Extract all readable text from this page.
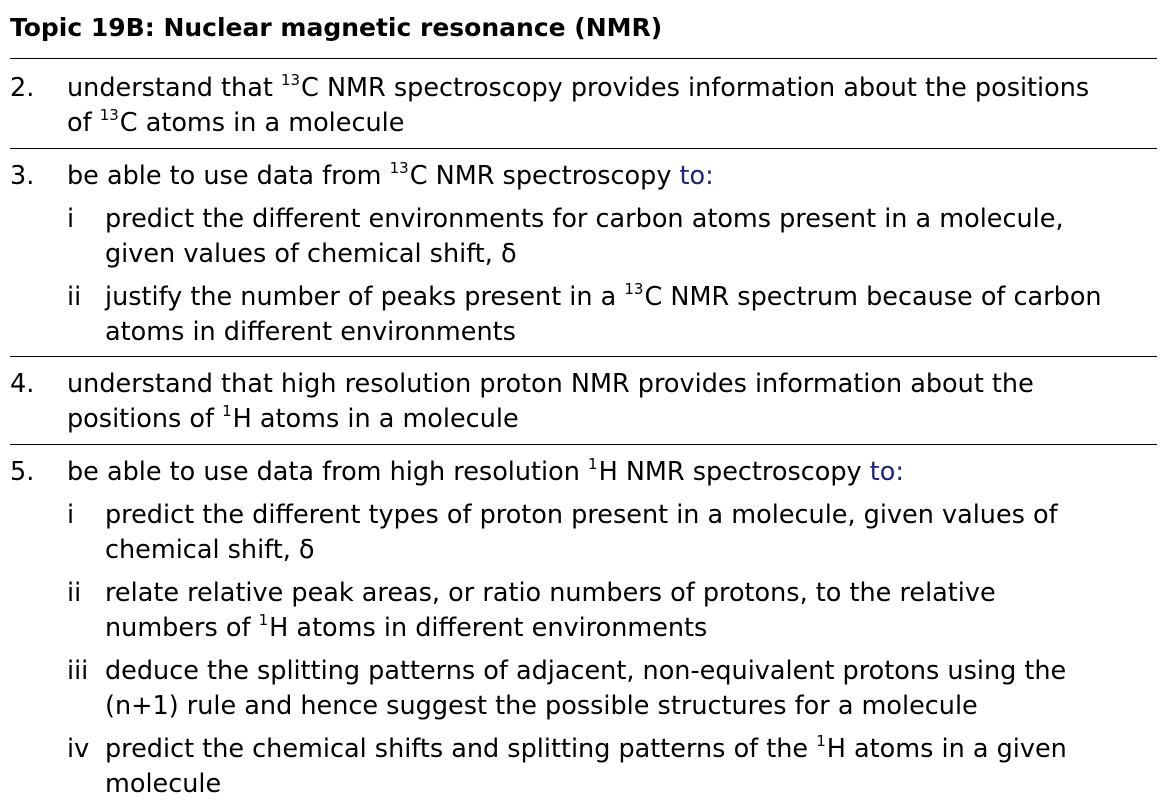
Topic 19B: Nuclear magnetic resonance (NMR)
2.	understand that $^{13}$C NMR spectroscopy provides information about the positions
of $^{13}$C atoms in a molecule
3.	be able to use data from $^{13}$C NMR spectroscopy to:
i	predict the different environments for carbon atoms present in a molecule,
given values of chemical shift, δ
ii justify the number of peaks present in a $^{13}$C NMR spectrum because of carbon
atoms in different environments
4.	understand that high resolution proton NMR provides information about the
positions of $^1$H atoms in a molecule
5.	be able to use data from high resolution $^1$H NMR spectroscopy to:
i	predict the different types of proton present in a molecule, given values of
chemical shift, δ
ii relate relative peak areas, or ratio numbers of protons, to the relative
numbers of $^1$H atoms in different environments
iii deduce the splitting patterns of adjacent, non-equivalent protons using the
(n+1) rule and hence suggest the possible structures for a molecule
iv predict the chemical shifts and splitting patterns of the $^1$H atoms in a given
molecule
